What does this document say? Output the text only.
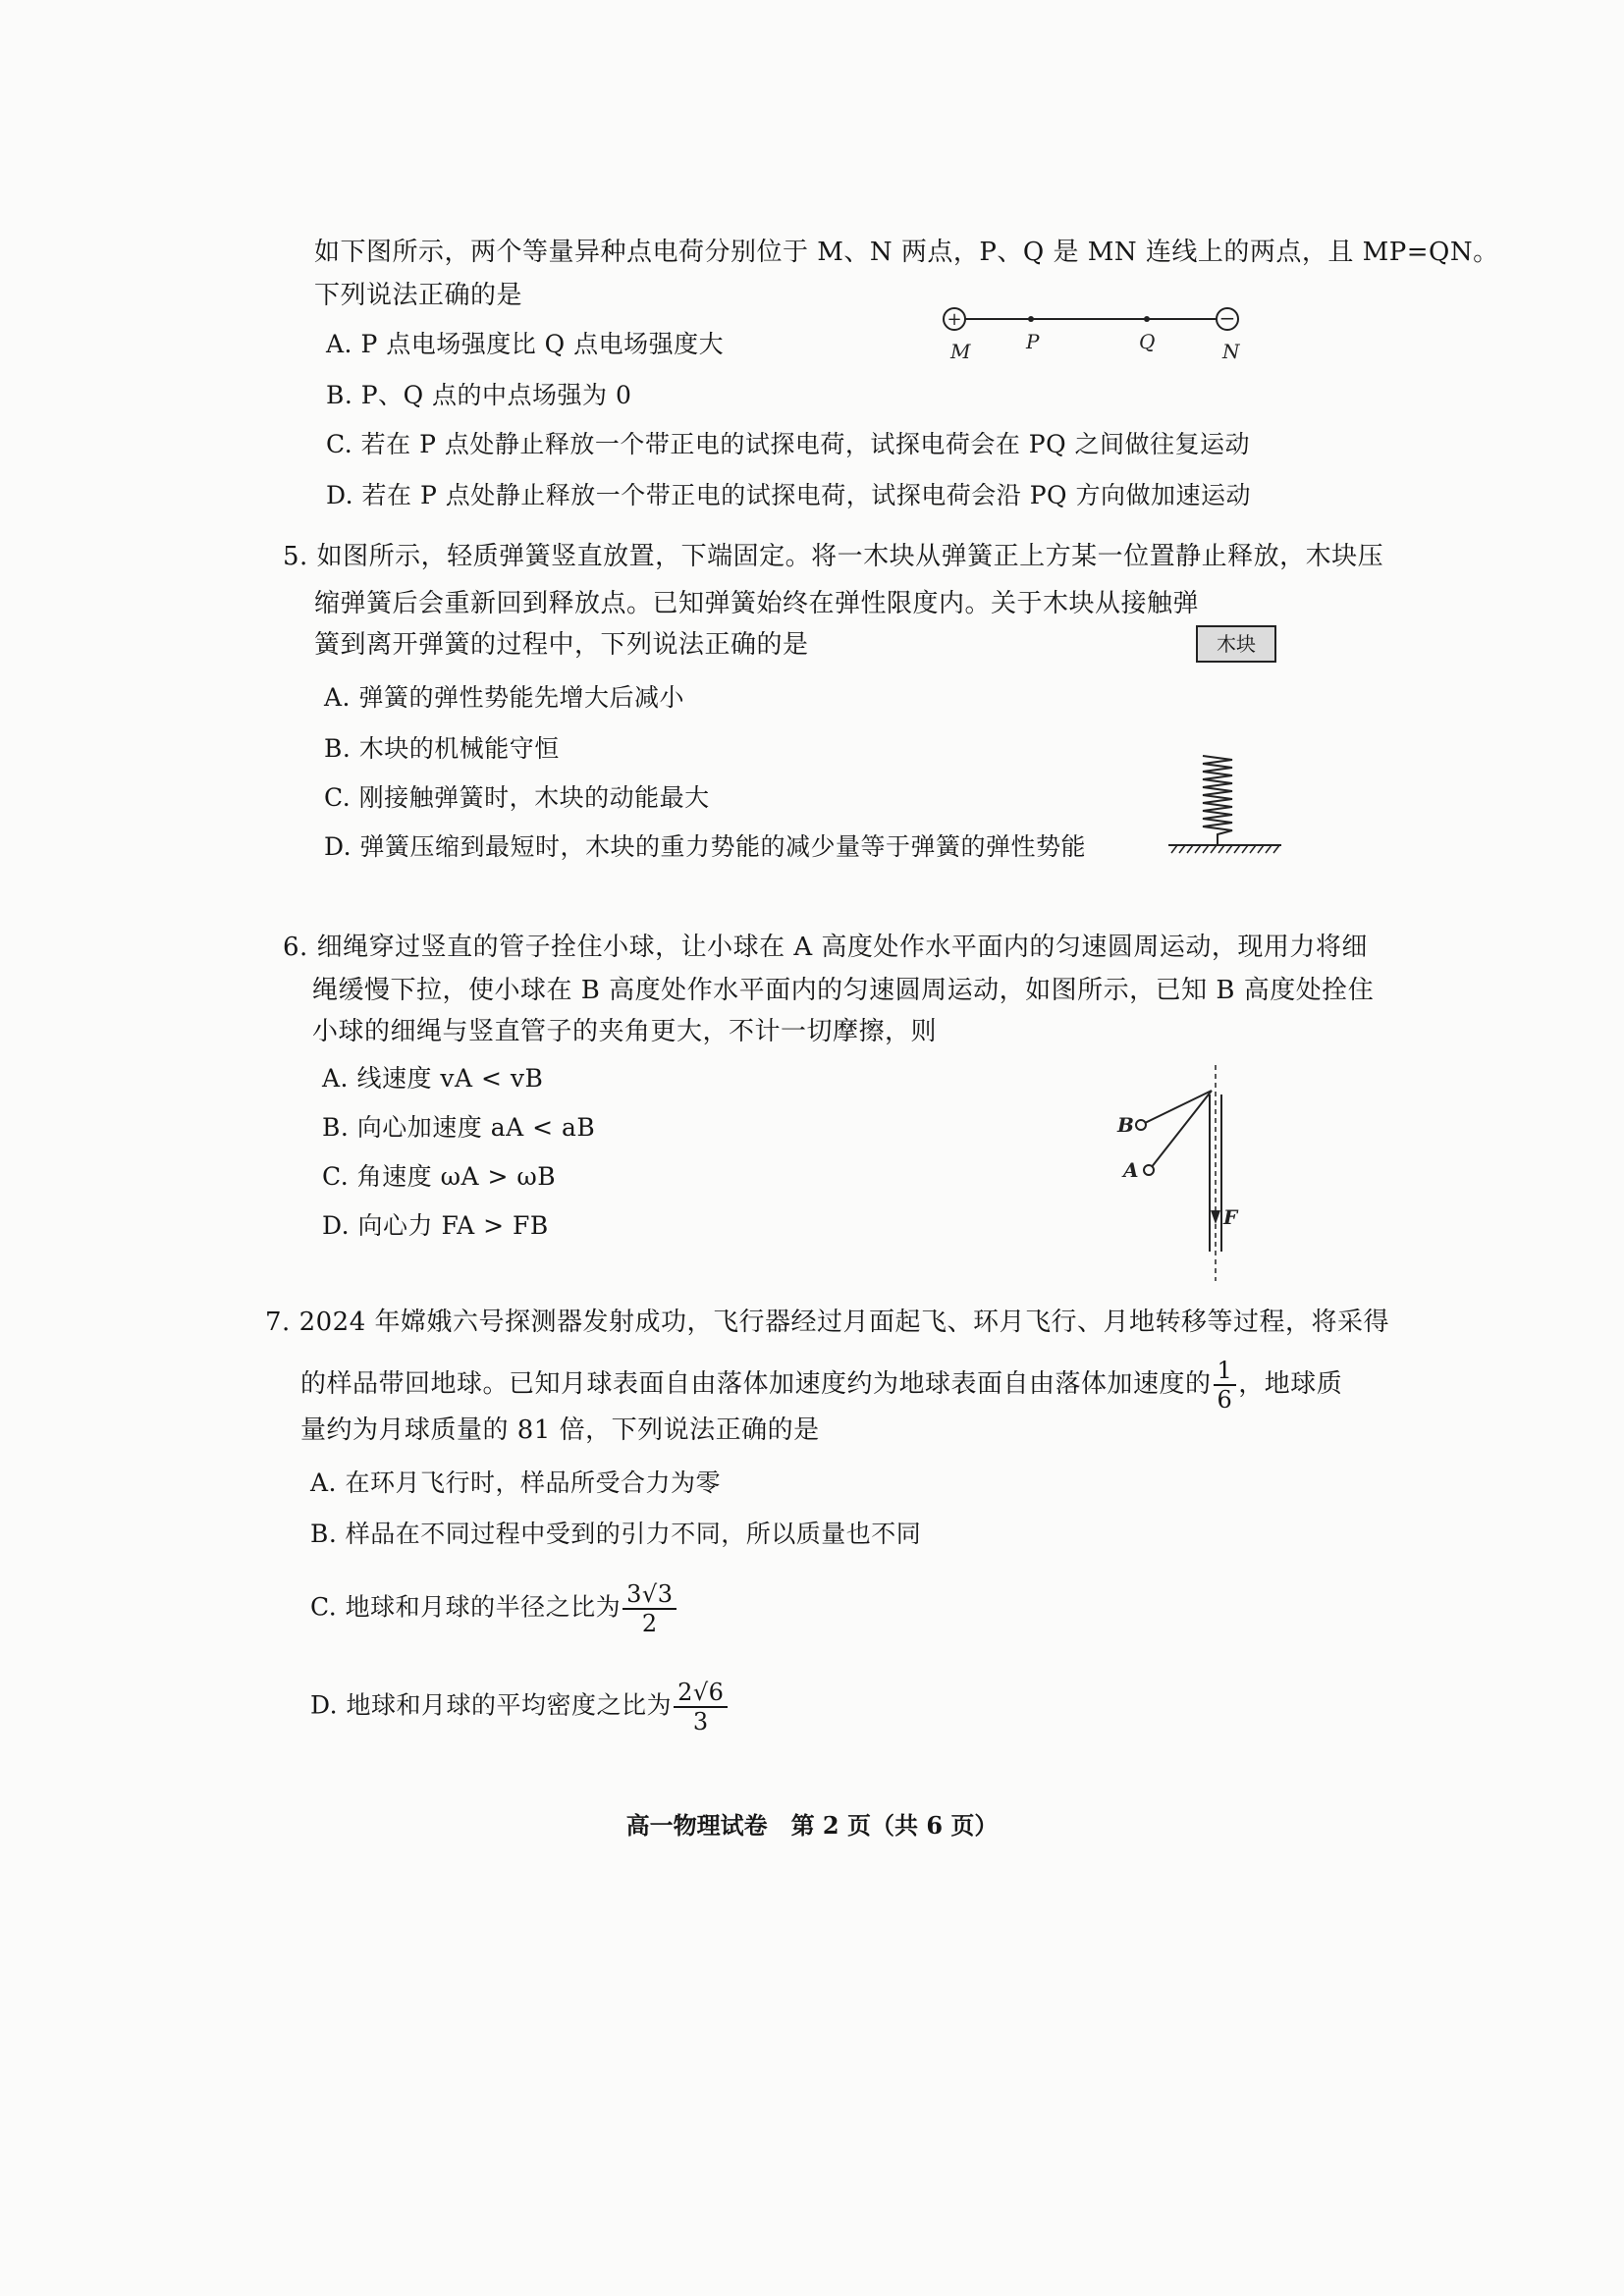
如下图所示，两个等量异种点电荷分别位于 M、N 两点，P、Q 是 MN 连线上的两点，且 MP=QN。
下列说法正确的是
A. P 点电场强度比 Q 点电场强度大
B. P、Q 点的中点场强为 0
C. 若在 P 点处静止释放一个带正电的试探电荷，试探电荷会在 PQ 之间做往复运动
D. 若在 P 点处静止释放一个带正电的试探电荷，试探电荷会沿 PQ 方向做加速运动
+	−
M	P	Q	N
5. 如图所示，轻质弹簧竖直放置，下端固定。将一木块从弹簧正上方某一位置静止释放，木块压
缩弹簧后会重新回到释放点。已知弹簧始终在弹性限度内。关于木块从接触弹
簧到离开弹簧的过程中，下列说法正确的是
A. 弹簧的弹性势能先增大后减小
B. 木块的机械能守恒
C. 刚接触弹簧时，木块的动能最大
D. 弹簧压缩到最短时，木块的重力势能的减少量等于弹簧的弹性势能
木块
6. 细绳穿过竖直的管子拴住小球，让小球在 A 高度处作水平面内的匀速圆周运动，现用力将细
绳缓慢下拉，使小球在 B 高度处作水平面内的匀速圆周运动，如图所示，已知 B 高度处拴住
小球的细绳与竖直管子的夹角更大，不计一切摩擦，则
A. 线速度 vA < vB
B. 向心加速度 aA < aB
C. 角速度 ωA > ωB
D. 向心力 FA > FB
B
A
F
7. 2024 年嫦娥六号探测器发射成功，飞行器经过月面起飞、环月飞行、月地转移等过程，将采得
的样品带回地球。已知月球表面自由落体加速度约为地球表面自由落体加速度的 $\frac{1}{6}$ ，地球质
量约为月球质量的 81 倍，下列说法正确的是
A. 在环月飞行时，样品所受合力为零
B. 样品在不同过程中受到的引力不同，所以质量也不同
C. 地球和月球的半径之比为 $\frac{3√3}{2}$
D. 地球和月球的平均密度之比为 $\frac{2√6}{3}$
高一物理试卷　第 2 页（共 6 页）
